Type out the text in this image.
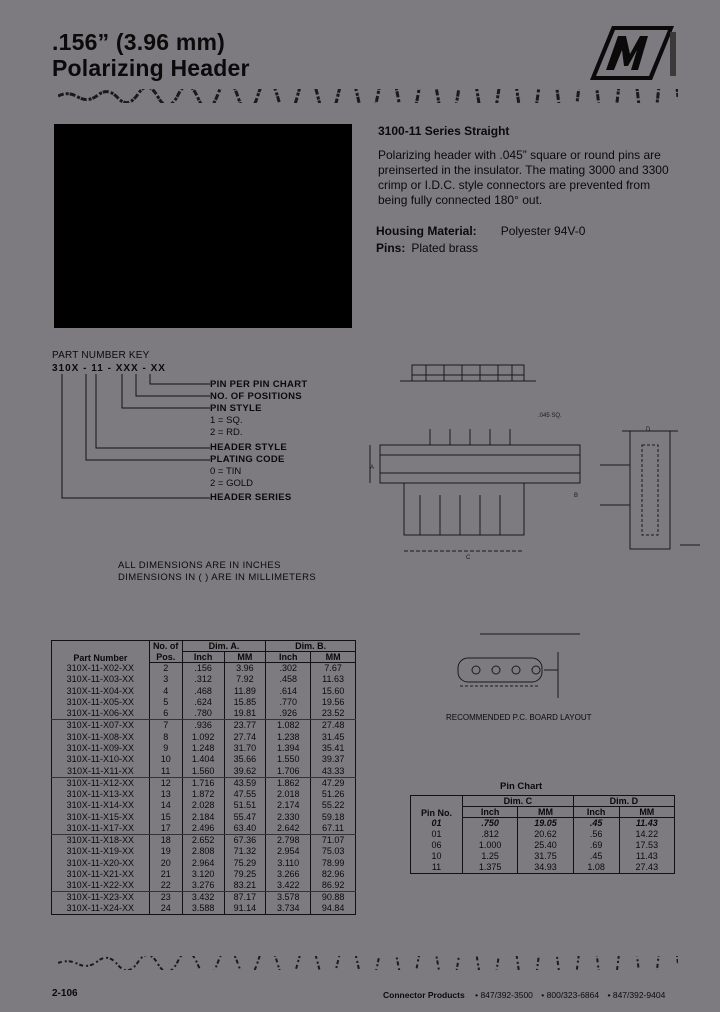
.156” (3.96 mm)
Polarizing Header
3100-11 Series Straight
Polarizing header with .045” square or round pins are preinserted in the insulator. The mating 3000 and 3300 crimp or I.D.C. style connectors are prevented from being fully connected 180° out.
Housing Material: Polyester 94V-0
Pins: Plated brass
PART NUMBER KEY
310X - 11 - XXX - XX
PIN PER PIN CHART
NO. OF POSITIONS
PIN STYLE
1 = SQ.
2 = RD.
HEADER STYLE
PLATING CODE
0 = TIN
2 = GOLD
HEADER SERIES
ALL DIMENSIONS ARE IN INCHES
DIMENSIONS IN ( ) ARE IN MILLIMETERS
.045 SQ.
A
B
C
D
RECOMMENDED P.C. BOARD LAYOUT
Part Number	No. of	Dim. A.		Dim. B.	
	Pos.	Inch	MM	Inch	MM
310X-11-X02-XX	2	.156	3.96	.302	7.67
310X-11-X03-XX	3	.312	7.92	.458	11.63
310X-11-X04-XX	4	.468	11.89	.614	15.60
310X-11-X05-XX	5	.624	15.85	.770	19.56
310X-11-X06-XX	6	.780	19.81	.926	23.52
310X-11-X07-XX	7	.936	23.77	1.082	27.48
310X-11-X08-XX	8	1.092	27.74	1.238	31.45
310X-11-X09-XX	9	1.248	31.70	1.394	35.41
310X-11-X10-XX	10	1.404	35.66	1.550	39.37
310X-11-X11-XX	11	1.560	39.62	1.706	43.33
310X-11-X12-XX	12	1.716	43.59	1.862	47.29
310X-11-X13-XX	13	1.872	47.55	2.018	51.26
310X-11-X14-XX	14	2.028	51.51	2.174	55.22
310X-11-X15-XX	15	2.184	55.47	2.330	59.18
310X-11-X17-XX	17	2.496	63.40	2.642	67.11
310X-11-X18-XX	18	2.652	67.36	2.798	71.07
310X-11-X19-XX	19	2.808	71.32	2.954	75.03
310X-11-X20-XX	20	2.964	75.29	3.110	78.99
310X-11-X21-XX	21	3.120	79.25	3.266	82.96
310X-11-X22-XX	22	3.276	83.21	3.422	86.92
310X-11-X23-XX	23	3.432	87.17	3.578	90.88
310X-11-X24-XX	24	3.588	91.14	3.734	94.84
Pin Chart
Pin No.	Dim. C		Dim. D	
	Inch	MM	Inch	MM
01	.750	19.05	.45	11.43
01	.812	20.62	.56	14.22
06	1.000	25.40	.69	17.53
10	1.25	31.75	.45	11.43
11	1.375	34.93	1.08	27.43
2-106	Connector Products • 847/392-3500 • 800/323-6864 • 847/392-9404
